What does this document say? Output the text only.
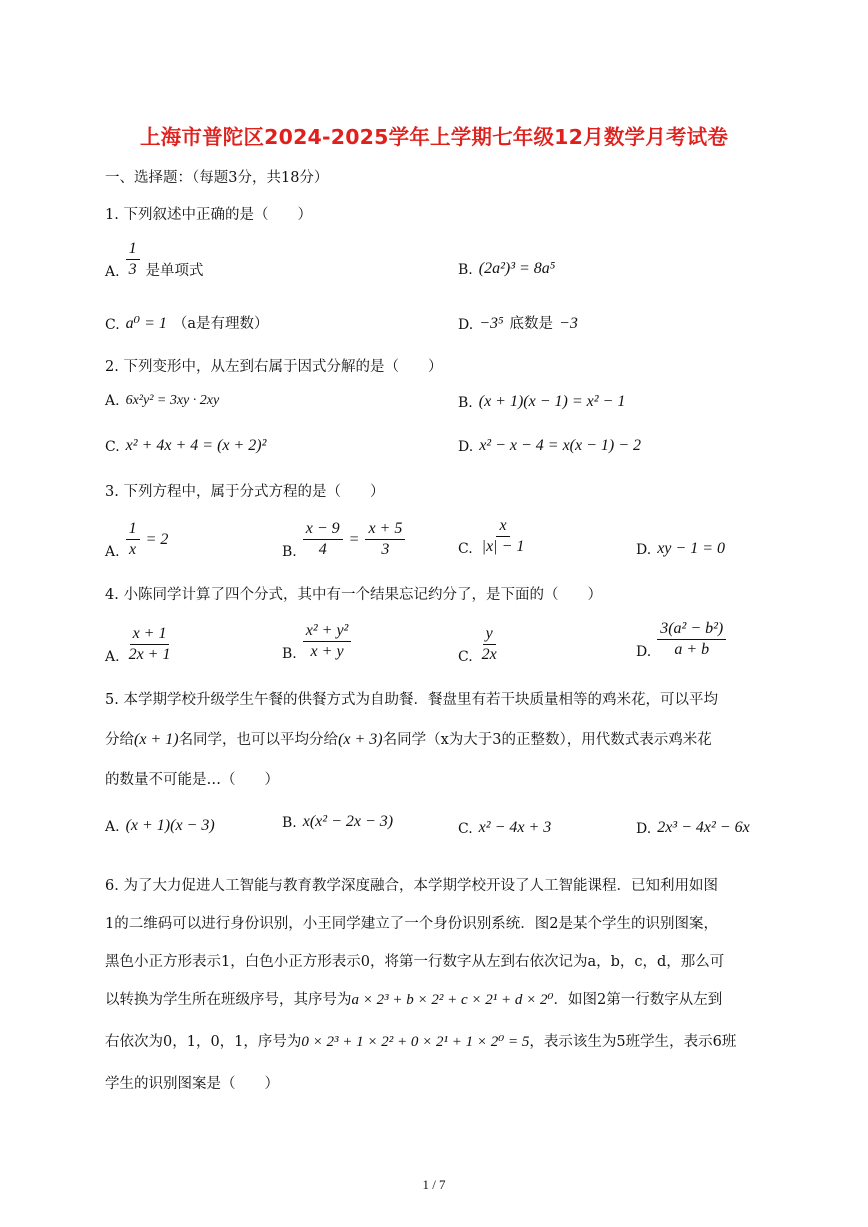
上海市普陀区2024-2025学年上学期七年级12月数学月考试卷
一、选择题：（每题3分，共18分）
1. 下列叙述中正确的是（　　）
A. $\frac{1}{3}$ 是单项式	B. (2a²)³ = 8a⁵
C. a⁰ = 1 （a是有理数）	D. −3⁵ 底数是 −3
2. 下列变形中，从左到右属于因式分解的是（　　）
A. 6x²y² = 3xy · 2xy	B. (x + 1)(x − 1) = x² − 1
C. x² + 4x + 4 = (x + 2)²	D. x² − x − 4 = x(x − 1) − 2
3. 下列方程中，属于分式方程的是（　　）
A. $\frac{1}{x} = 2$
B. $\frac{x - 9}{4} = \frac{x + 5}{3}$	C. $\frac{x}{|x| - 1}$	D. xy − 1 = 0
4. 小陈同学计算了四个分式，其中有一个结果忘记约分了，是下面的（　　）
A. $\frac{x + 1}{2x + 1}$	B. $\frac{\text{x² + y²}}{x + y}$	C. $\frac{y}{2x}$	D. $\frac{\text{3(a² − b²)}}{a + b}$
5. 本学期学校升级学生午餐的供餐方式为自助餐．餐盘里有若干块质量相等的鸡米花，可以平均
分给(x + 1)名同学，也可以平均分给(x + 3)名同学（x为大于3的正整数），用代数式表示鸡米花
的数量不可能是…（　　）
A. (x + 1)(x − 3)	B. x(x² − 2x − 3)	C. x² − 4x + 3	D. 2x³ − 4x² − 6x
6. 为了大力促进人工智能与教育教学深度融合，本学期学校开设了人工智能课程．已知利用如图
1的二维码可以进行身份识别，小王同学建立了一个身份识别系统．图2是某个学生的识别图案，
黑色小正方形表示1，白色小正方形表示0，将第一行数字从左到右依次记为a，b，c，d，那么可
以转换为学生所在班级序号，其序号为a × 2³ + b × 2² + c × 2¹ + d × 2⁰．如图2第一行数字从左到
右依次为0，1，0，1，序号为0 × 2³ + 1 × 2² + 0 × 2¹ + 1 × 2⁰ = 5，表示该生为5班学生，表示6班
学生的识别图案是（　　）
1 / 7
